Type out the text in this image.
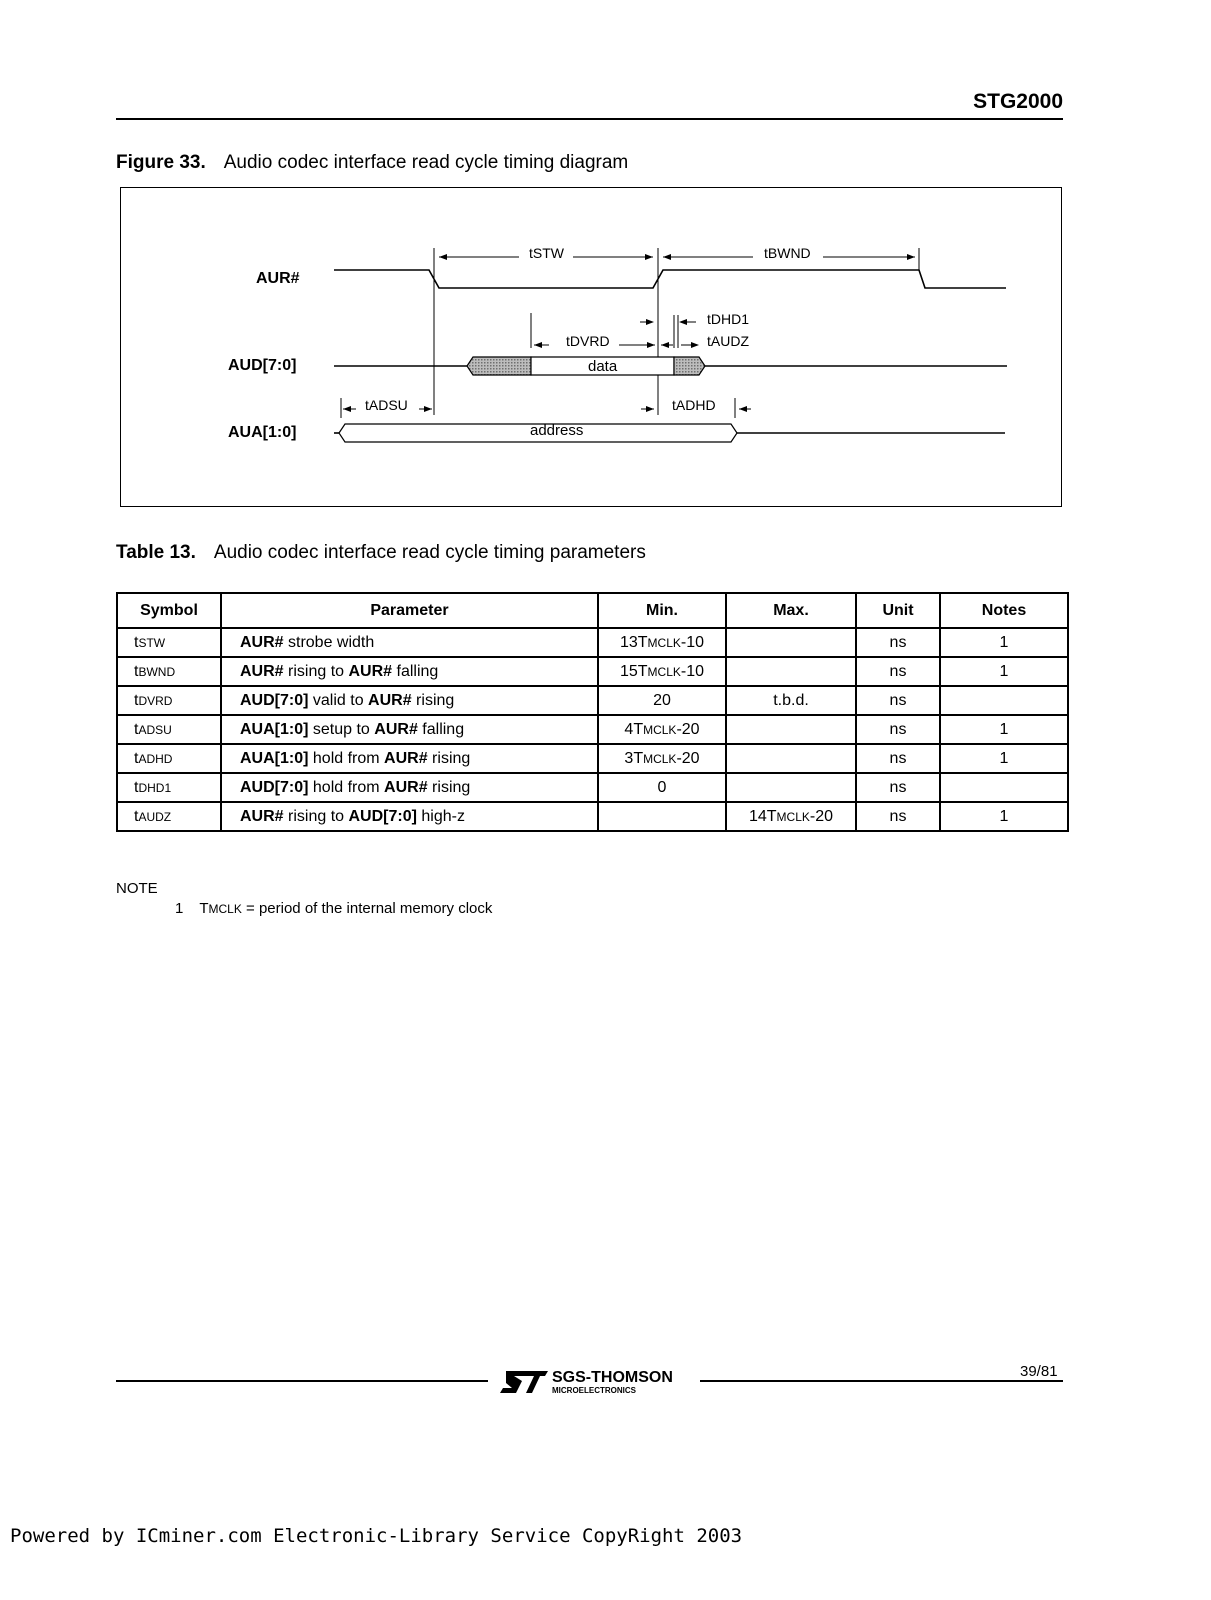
STG2000
Figure 33. Audio codec interface read cycle timing diagram
AUR#
AUD[7:0]
AUA[1:0]
tSTW	tBWND
tDHD1
tDVRD	tAUDZ
data
tADSU	tADHD
address
Table 13. Audio codec interface read cycle timing parameters
Symbol	Parameter	Min.	Max.	Unit	Notes
tSTW	AUR# strobe width	13TMCLK-10		ns	1
tBWND	AUR# rising to AUR# falling	15TMCLK-10		ns	1
tDVRD	AUD[7:0] valid to AUR# rising	20	t.b.d.	ns	
tADSU	AUA[1:0] setup to AUR# falling	4TMCLK-20		ns	1
tADHD	AUA[1:0] hold from AUR# rising	3TMCLK-20		ns	1
tDHD1	AUD[7:0] hold from AUR# rising	0		ns	
tAUDZ	AUR# rising to AUD[7:0] high-z		14TMCLK-20	ns	1
NOTE
1 TMCLK = period of the internal memory clock
39/81
SGS-THOMSON
MICROELECTRONICS
Powered by ICminer.com Electronic-Library Service CopyRight 2003
